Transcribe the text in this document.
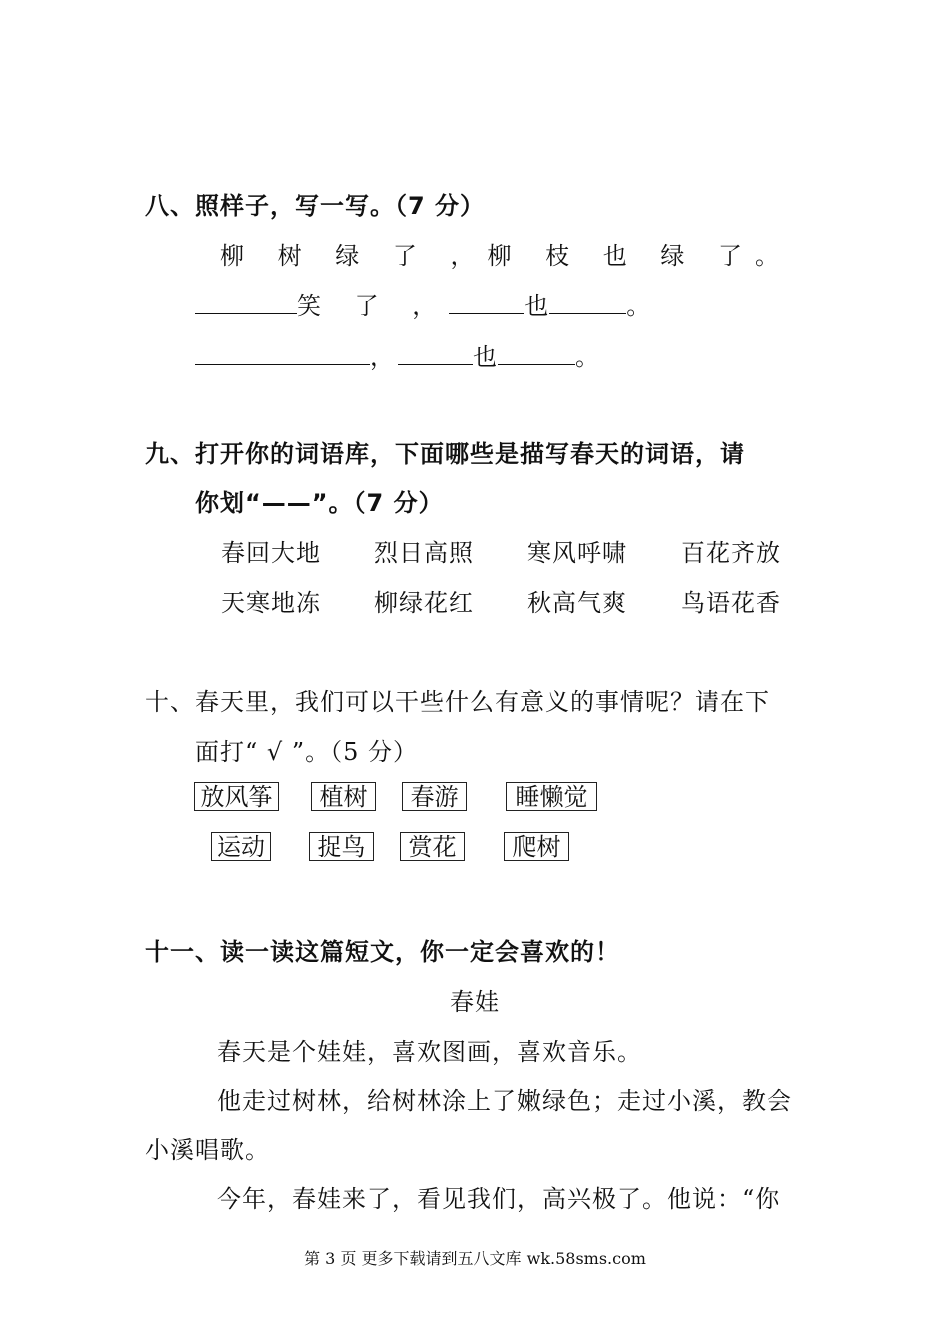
八、照样子，写一写。（7 分）
柳 树 绿 了 ，柳 枝 也 绿 了。
笑 了 ，	也	。
，	也	。
九、打开你的词语库，下面哪些是描写春天的词语，请
你划“——”。（7 分）
春回大地 烈日高照 寒风呼啸 百花齐放
天寒地冻 柳绿花红 秋高气爽 鸟语花香
十、春天里，我们可以干些什么有意义的事情呢？请在下
面打“ √ ”。（5 分）
放风筝	植树	春游	睡懒觉
运动	捉鸟	赏花	爬树
十一、读一读这篇短文，你一定会喜欢的！
春娃
春天是个娃娃，喜欢图画，喜欢音乐。
他走过树林，给树林涂上了嫩绿色；走过小溪，教会
小溪唱歌。
今年，春娃来了，看见我们，高兴极了。他说：“你
第 3 页 更多下载请到五八文库 wk.58sms.com
